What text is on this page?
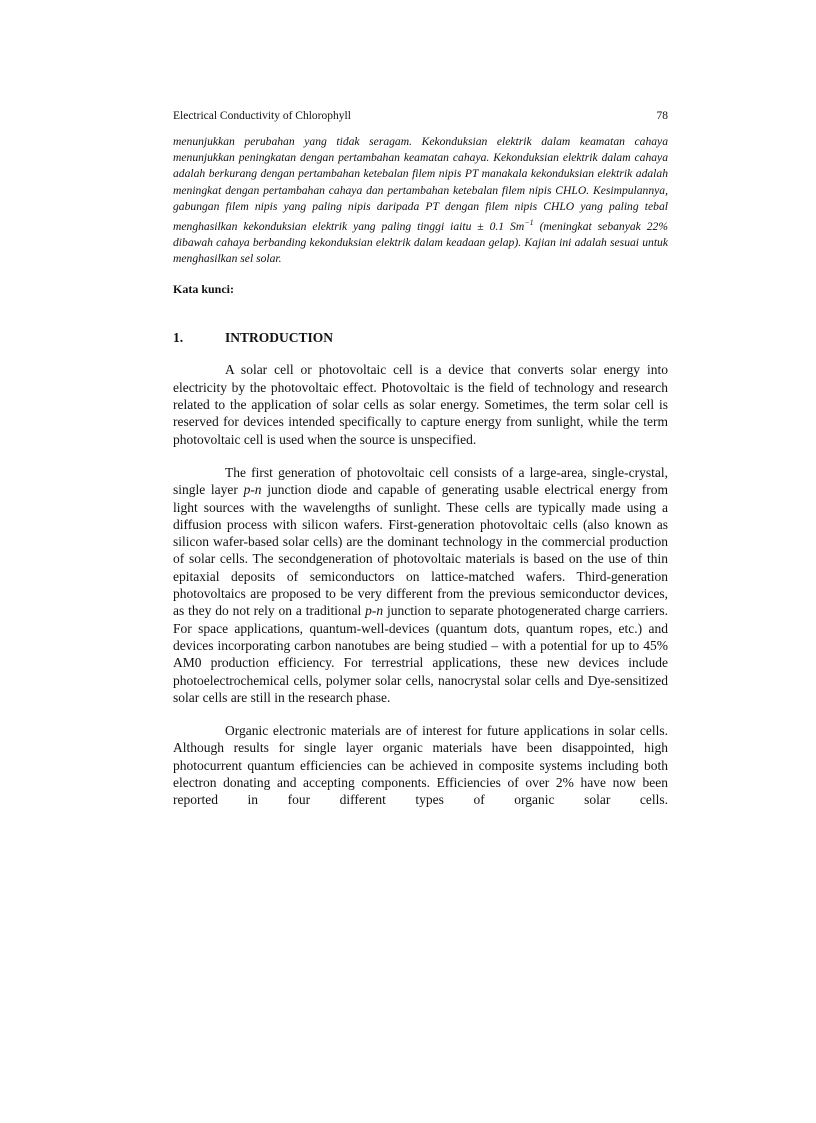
Electrical Conductivity of Chlorophyll	78

menunjukkan perubahan yang tidak seragam. Kekonduksian elektrik dalam keamatan cahaya menunjukkan peningkatan dengan pertambahan keamatan cahaya. Kekonduksian elektrik dalam cahaya adalah berkurang dengan pertambahan ketebalan filem nipis PT manakala kekonduksian elektrik adalah meningkat dengan pertambahan cahaya dan pertambahan ketebalan filem nipis CHLO. Kesimpulannya, gabungan filem nipis yang paling nipis daripada PT dengan filem nipis CHLO yang paling tebal menghasilkan kekonduksian elektrik yang paling tinggi iaitu ± 0.1 $Sm^{-1}$ (meningkat sebanyak 22% dibawah cahaya berbanding kekonduksian elektrik dalam keadaan gelap). Kajian ini adalah sesuai untuk menghasilkan sel solar.

Kata kunci:

1.	INTRODUCTION

A solar cell or photovoltaic cell is a device that converts solar energy into electricity by the photovoltaic effect. Photovoltaic is the field of technology and research related to the application of solar cells as solar energy. Sometimes, the term solar cell is reserved for devices intended specifically to capture energy from sunlight, while the term photovoltaic cell is used when the source is unspecified.

The first generation of photovoltaic cell consists of a large-area, single-crystal, single layer p-n junction diode and capable of generating usable electrical energy from light sources with the wavelengths of sunlight. These cells are typically made using a diffusion process with silicon wafers. First-generation photovoltaic cells (also known as silicon wafer-based solar cells) are the dominant technology in the commercial production of solar cells. The secondgeneration of photovoltaic materials is based on the use of thin epitaxial deposits of semiconductors on lattice-matched wafers. Third-generation photovoltaics are proposed to be very different from the previous semiconductor devices, as they do not rely on a traditional p-n junction to separate photogenerated charge carriers. For space applications, quantum-well-devices (quantum dots, quantum ropes, etc.) and devices incorporating carbon nanotubes are being studied – with a potential for up to 45% AM0 production efficiency. For terrestrial applications, these new devices include photoelectrochemical cells, polymer solar cells, nanocrystal solar cells and Dye-sensitized solar cells are still in the research phase.

Organic electronic materials are of interest for future applications in solar cells. Although results for single layer organic materials have been disappointed, high photocurrent quantum efficiencies can be achieved in composite systems including both electron donating and accepting components. Efficiencies of over 2% have now been reported in four different types of organic solar cells.
